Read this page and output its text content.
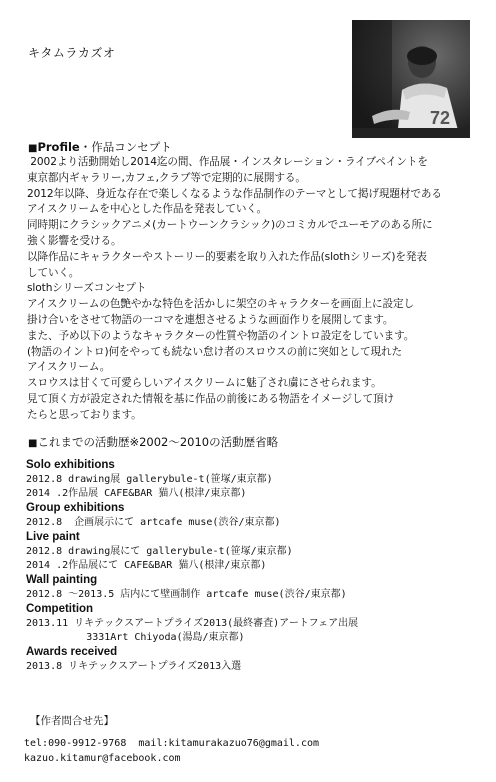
キタムラカズオ
72
■Profile・作品コンセプト
2002より活動開始し2014迄の間、作品展・インスタレーション・ライブペイントを
東京都内ギャラリー,カフェ,クラブ等で定期的に展開する。
2012年以降、身近な存在で楽しくなるような作品制作のテーマとして掲げ現題材である
アイスクリームを中心とした作品を発表していく。
同時期にクラシックアニメ(カートウーンクラシック)のコミカルでユーモアのある所に
強く影響を受ける。
以降作品にキャラクターやストーリー的要素を取り入れた作品(slothシリーズ)を発表
していく。
slothシリーズコンセプト
アイスクリームの色艶やかな特色を活かしに架空のキャラクターを画面上に設定し
掛け合いをさせて物語の一コマを連想させるような画面作りを展開してます。
また、予め以下のようなキャラクターの性質や物語のイントロ設定をしています。
(物語のイントロ)何をやっても続ない怠け者のスロウスの前に突如として現れた
アイスクリーム。
スロウスは甘くて可愛らしいアイスクリームに魅了され虜にさせられます。
見て頂く方が設定された情報を基に作品の前後にある物語をイメージして頂け
たらと思っております。
■これまでの活動歴※2002～2010の活動歴省略
Solo exhibitions
2012.8 drawing展 gallerybule-t(笹塚/東京都)
2014 .2作品展 CAFE&BAR 猫八(根津/東京都)
Group exhibitions
2012.8  企画展示にて artcafe muse(渋谷/東京都)
Live paint
2012.8 drawing展にて gallerybule-t(笹塚/東京都)
2014 .2作品展にて CAFE&BAR 猫八(根津/東京都)
Wall painting
2012.8 ～2013.5 店内にて壁画制作 artcafe muse(渋谷/東京都)
Competition
2013.11 リキテックスアートプライズ2013(最終審査)アートフェア出展
3331Art Chiyoda(湯島/東京都)
Awards received
2013.8 リキテックスアートプライズ2013入選
【作者問合せ先】
tel:090-9912-9768  mail:kitamurakazuo76@gmail.com
kazuo.kitamur@facebook.com
